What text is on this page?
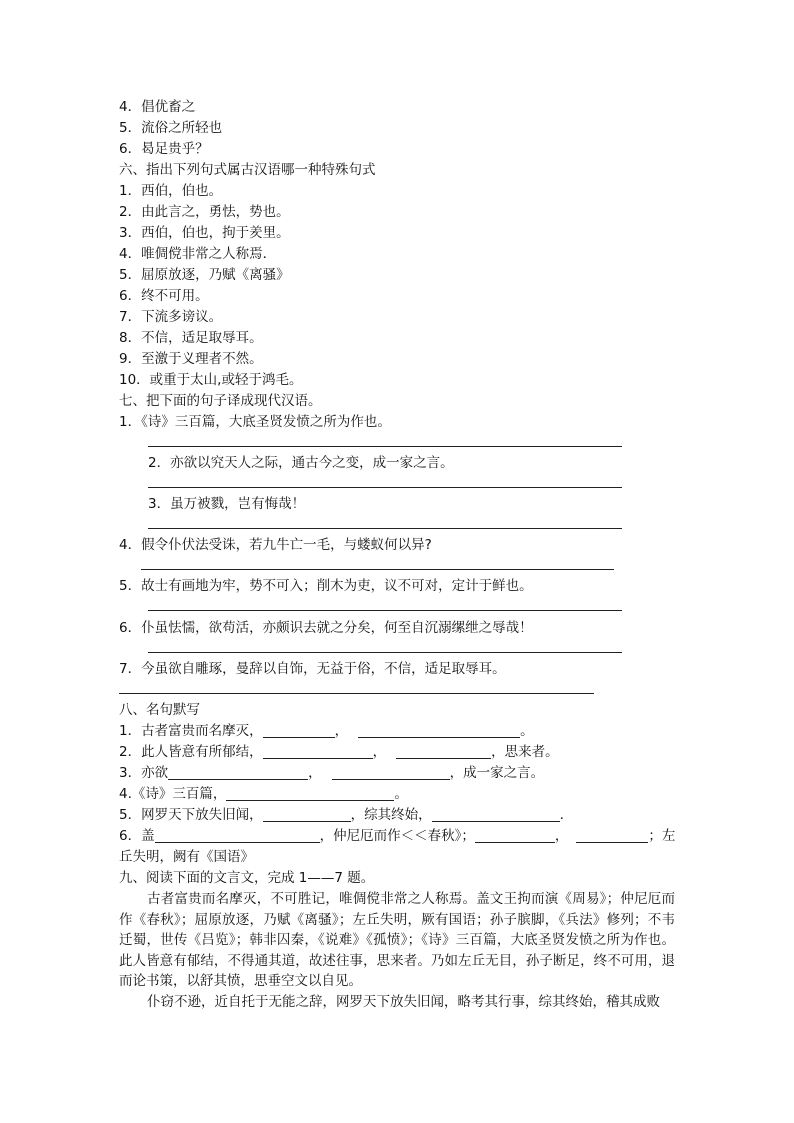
4．倡优畜之
5．流俗之所轻也
6．曷足贵乎？
六、指出下列句式属古汉语哪一种特殊句式
1．西伯，伯也。
2．由此言之，勇怯，势也。
3．西伯，伯也，拘于羑里。
4．唯倜傥非常之人称焉．
5．屈原放逐，乃赋《离骚》
6．终不可用。
7．下流多谤议。
8．不信，适足取辱耳。
9．至激于义理者不然。
10．或重于太山,或轻于鸿毛。
七、把下面的句子译成现代汉语。
1．《诗》三百篇，大底圣贤发愤之所为作也。
2．亦欲以究天人之际，通古今之变，成一家之言。
3．虽万被戮，岂有悔哉！
4．假令仆伏法受诛，若九牛亡一毛，与蝼蚁何以异?
5．故士有画地为牢，势不可入；削木为吏，议不可对，定计于鲜也。
6．仆虽怯懦，欲苟活，亦颇识去就之分矣，何至自沉溺缧绁之辱哉！
7．今虽欲自雕琢，曼辞以自饰，无益于俗，不信，适足取辱耳。
八、名句默写
1．古者富贵而名摩灭，	，	。
2．此人皆意有所郁结，	，	，思来者。
3．亦欲	，	，成一家之言。
4.《诗》三百篇，	。
5．网罗天下放失旧闻，	，综其终始，	.
6．盖	，仲尼厄而作＜＜春秋》；	，	；左
丘失明，阙有《国语》
九、阅读下面的文言文，完成 1——7 题。

古者富贵而名摩灭，不可胜记，唯倜傥非常之人称焉。盖文王拘而演《周易》；仲尼厄而作《春秋》；屈原放逐，乃赋《离骚》；左丘失明，厥有国语；孙子膑脚，《兵法》修列；不韦迁蜀，世传《吕览》；韩非囚秦，《说难》《孤愤》；《诗》三百篇，大底圣贤发愤之所为作也。此人皆意有郁结，不得通其道，故述往事，思来者。乃如左丘无目，孙子断足，终不可用，退而论书策，以舒其愤，思垂空文以自见。

仆窃不逊，近自托于无能之辞，网罗天下放失旧闻，略考其行事，综其终始，稽其成败
